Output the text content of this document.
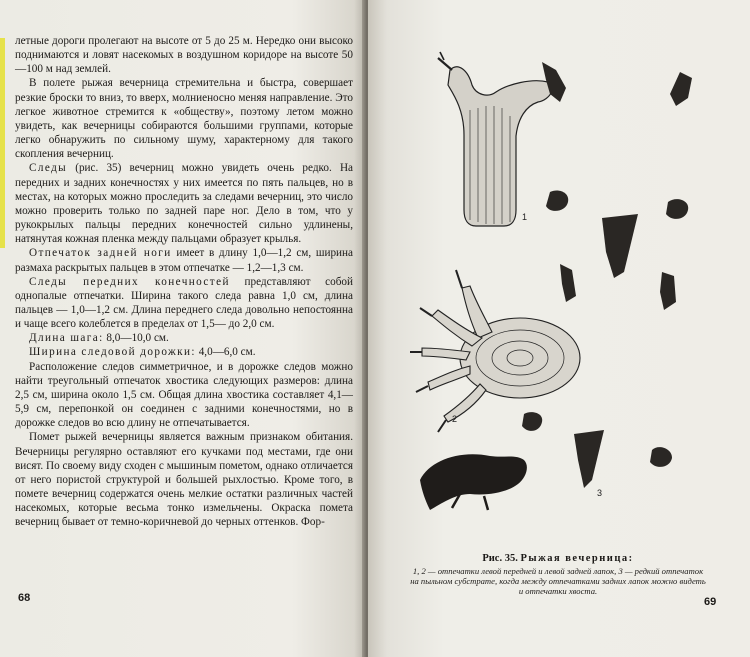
летные дороги пролегают на высоте от 5 до 25 м. Нередко они высоко поднимаются и ловят насекомых в воздушном коридоре на высоте 50—100 м над землей.

В полете рыжая вечерница стремительна и быстра, совершает резкие броски то вниз, то вверх, молниеносно меняя направление. Это легкое животное стремится к «обществу», поэтому летом можно увидеть, как вечерницы собираются большими группами, которые легко обнаружить по сильному шуму, характерному для такого скопления вечерниц.

Следы (рис. 35) вечерниц можно увидеть очень редко. На передних и задних конечностях у них имеется по пять пальцев, но в местах, на которых можно проследить за следами вечерниц, это число можно проверить только по задней паре ног. Дело в том, что у рукокрылых пальцы передних конечностей сильно удлинены, натянутая кожная пленка между пальцами образует крылья.

Отпечаток задней ноги имеет в длину 1,0—1,2 см, ширина размаха раскрытых пальцев в этом отпечатке — 1,2—1,3 см.

Следы передних конечностей представляют собой однопалые отпечатки. Ширина такого следа равна 1,0 см, длина пальцев — 1,0—1,2 см. Длина переднего следа довольно непостоянна и чаще всего колеблется в пределах от 1,5— до 2,0 см.

Длина шага: 8,0—10,0 см.

Ширина следовой дорожки: 4,0—6,0 см.

Расположение следов симметричное, и в дорожке следов можно найти треугольный отпечаток хвостика следующих размеров: длина 2,5 см, ширина около 1,5 см. Общая длина хвостика составляет 4,1—5,9 см, перепонкой он соединен с задними конечностями, но в дорожке следов во всю длину не отпечатывается.

Помет рыжей вечерницы является важным признаком обитания. Вечерницы регулярно оставляют его кучками под местами, где они висят. По своему виду сходен с мышиным пометом, однако отличается от него пористой структурой и большей рыхлостью. Кроме того, в помете вечерниц содержатся очень мелкие остатки различных частей насекомых, которые весьма тонко измельчены. Окраска помета вечерниц бывает от темно-коричневой до черных оттенков. Фор-

68
1
2
3
Рис. 35. Рыжая вечерница:
1, 2 — отпечатки левой передней и левой задней лапок, 3 — редкий отпечаток на пыльном субстрате, когда между отпечатками задних лапок можно видеть и отпечатки хвоста.
69
